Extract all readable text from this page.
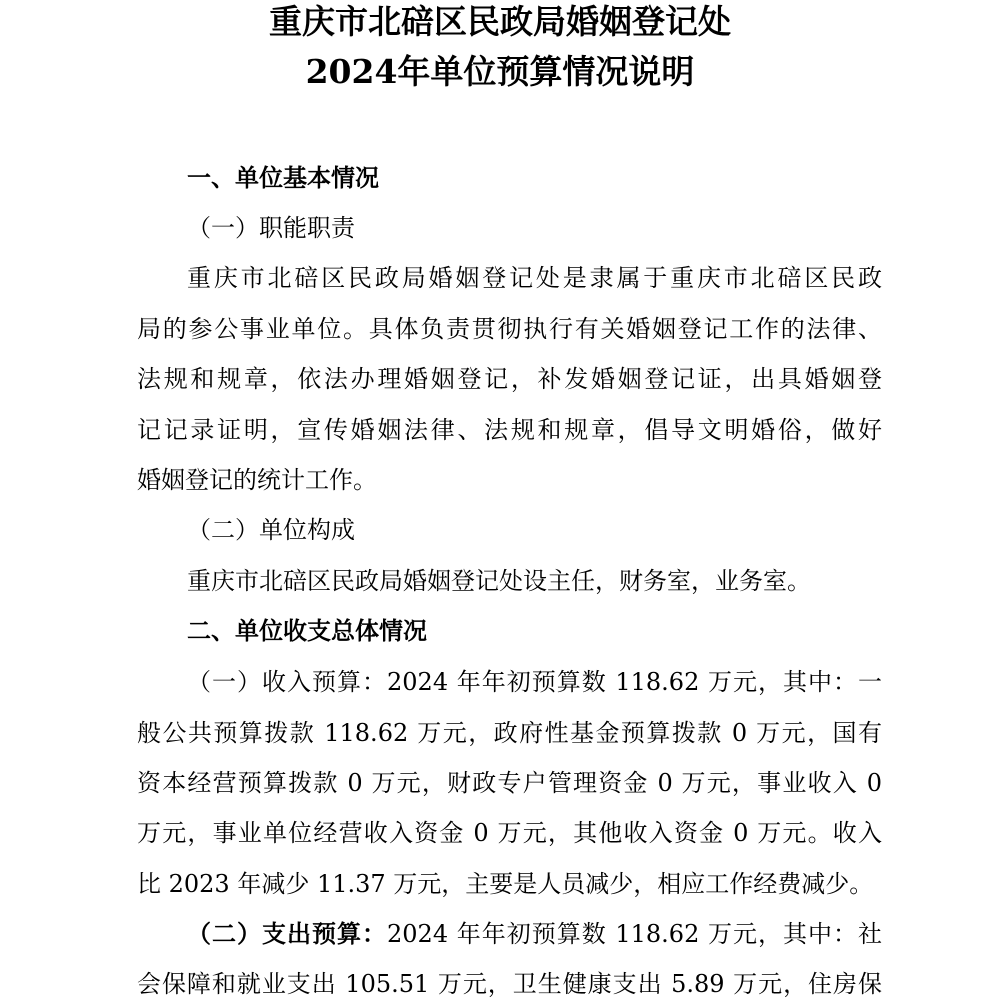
重庆市北碚区民政局婚姻登记处
2024年单位预算情况说明
一、单位基本情况
（一）职能职责
重庆市北碚区民政局婚姻登记处是隶属于重庆市北碚区民政
局的参公事业单位。具体负责贯彻执行有关婚姻登记工作的法律、
法规和规章，依法办理婚姻登记，补发婚姻登记证，出具婚姻登
记记录证明，宣传婚姻法律、法规和规章，倡导文明婚俗，做好
婚姻登记的统计工作。
（二）单位构成
重庆市北碚区民政局婚姻登记处设主任，财务室，业务室。
二、单位收支总体情况
（一）收入预算：2024 年年初预算数 118.62 万元，其中：一
般公共预算拨款 118.62 万元，政府性基金预算拨款 0 万元，国有
资本经营预算拨款 0 万元，财政专户管理资金 0 万元，事业收入 0
万元，事业单位经营收入资金 0 万元，其他收入资金 0 万元。收入
比 2023 年减少 11.37 万元，主要是人员减少，相应工作经费减少。
（二）支出预算：2024 年年初预算数 118.62 万元，其中：社
会保障和就业支出 105.51 万元，卫生健康支出 5.89 万元，住房保
